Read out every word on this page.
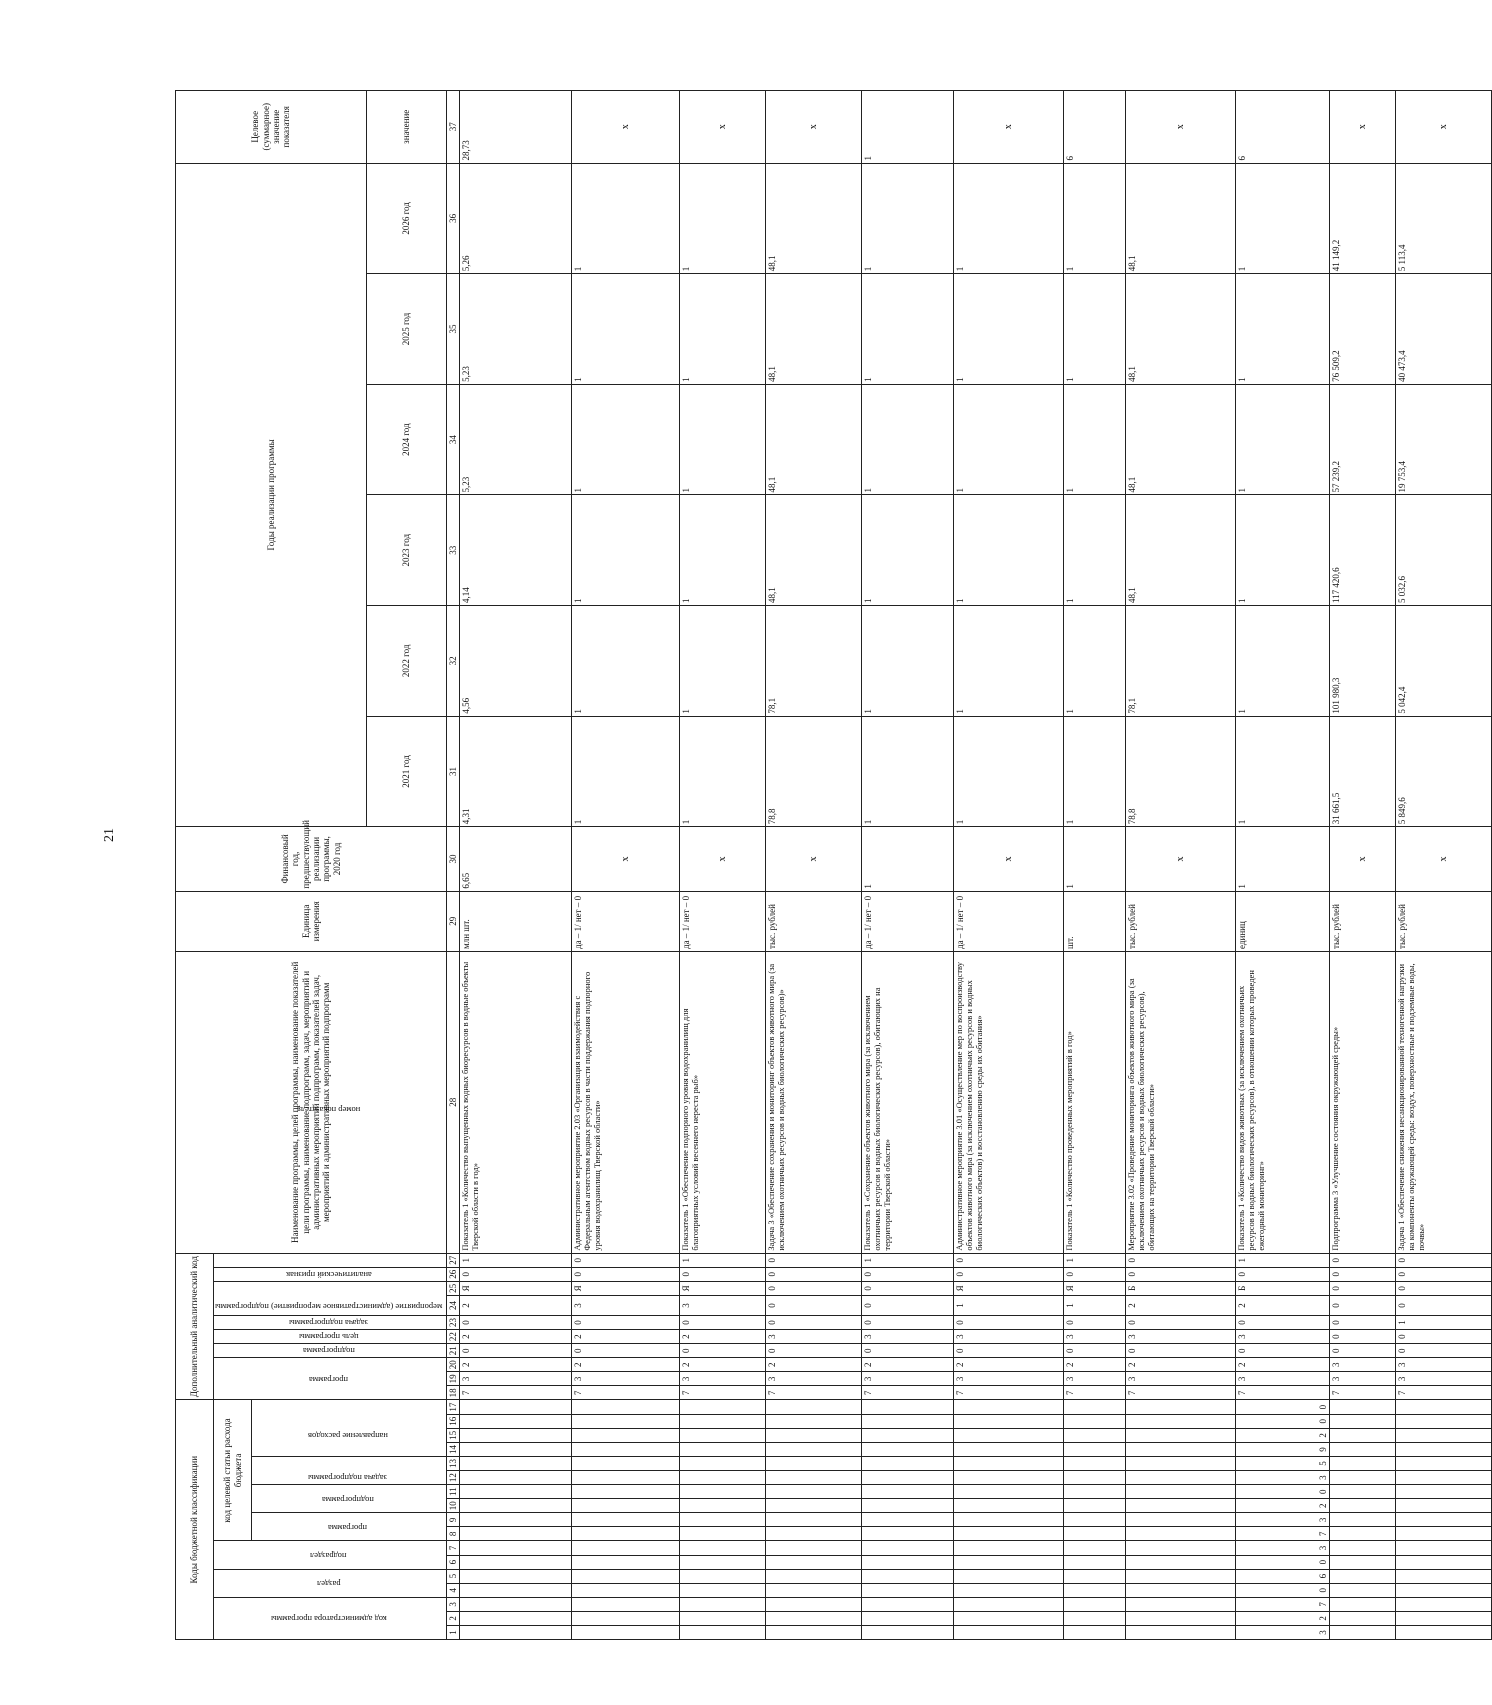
21
Коды бюджетной классификации																	Дополнительный аналитический код										Наименование программы, целей программы, наименование показателей цели программы, наименование подпрограмм, задач, мероприятий и административных мероприятий подпрограмм, показателей задач, мероприятий и административных мероприятий подпрограмм	Единица измерения	Финансовый год, предшествующий реализации программы, 2020 год	Годы реализации программы						Целевое (суммарное) значение показателя
код администратора программы			раздел		подраздел		код целевой статьи расхода бюджета										программа			подпрограмма	цель программы	задача подпрограммы	мероприятие (административное мероприятие) подпрограммы		аналитический признак	номер показателя										
							программа		подпрограмма		задача подпрограммы		направление расходов																							
																														2021 год	2022 год	2023 год	2024 год	2025 год	2026 год	значение
1	2	3	4	5	6	7	8	9	10	11	12	13	14	15	16	17	18	19	20	21	22	23	24	25	26	27	28	29	30	31	32	33	34	35	36	37
																	7	3	2	0	2	0	2	Я	0	1	Показатель 1 «Количество выпущенных водных биоресурсов в водные объекты Тверской области в год»	млн шт.	6,65	4,31	4,56	4,14	5,23	5,23	5,26	28,73
																	7	3	2	0	2	0	3	Я	0	0	Административное мероприятие 2.03 «Организация взаимодействия с Федеральным агентством водных ресурсов в части поддержания подпорного уровня водохранилищ Тверской области»	да – 1/ нет – 0	х	1	1	1	1	1	1	х
																	7	3	2	0	2	0	3	Я	0	1	Показатель 1 «Обеспечение подпорного уровня водохранилищ для благоприятных условий весеннего нереста рыб»	да – 1/ нет – 0	х	1	1	1	1	1	1	х
																	7	3	2	0	3	0	0	0	0	0	Задача 3 «Обеспечение сохранения и мониторинг объектов животного мира (за исключением охотничьих ресурсов и водных биологических ресурсов)»	тыс. рублей	х	78,8	78,1	48,1	48,1	48,1	48,1	х
																	7	3	2	0	3	0	0	0	0	1	Показатель 1 «Сохранение объектов животного мира (за исключением охотничьих ресурсов и водных биологических ресурсов), обитающих на территории Тверской области»	да – 1/ нет – 0	1	1	1	1	1	1	1	1
																	7	3	2	0	3	0	1	Я	0	0	Административное мероприятие 3.01 «Осуществление мер по воспроизводству объектов животного мира (за исключением охотничьих ресурсов и водных биологических объектов) и восстановлению среды их обитания»	да – 1/ нет – 0	х	1	1	1	1	1	1	х
																	7	3	2	0	3	0	1	Я	0	1	Показатель 1 «Количество проведенных мероприятий в год»	шт.	1	1	1	1	1	1	1	6
																	7	3	2	0	3	0	2	Б	0	0	Мероприятие 3.02 «Проведение мониторинга объектов животного мира (за исключением охотничьих ресурсов и водных биологических ресурсов), обитающих на территории Тверской области»	тыс. рублей	х	78,8	78,1	48,1	48,1	48,1	48,1	х
3	2	7	0	6	0	3	7	3	2	0	3	5	9	2	0	0	7	3	2	0	3	0	2	Б	0	1	Показатель 1 «Количество видов животных (за исключением охотничьих ресурсов и водных биологических ресурсов), в отношении которых проведен ежегодный мониторинг»	единиц	1	1	1	1	1	1	1	6
																	7	3	3	0	0	0	0	0	0	0	Подпрограмма 3 «Улучшение состояния окружающей среды»	тыс. рублей	х	31 661,5	101 980,3	117 420,6	57 239,2	76 509,2	41 149,2	х
																	7	3	3	0	0	1	0	0	0	0	Задача 1 «Обеспечение снижения несанкционированной техногенной нагрузки на компоненты окружающей среды: воздух, поверхностные и подземные воды, почвы»	тыс. рублей	х	5 849,6	5 042,4	5 032,6	19 753,4	40 473,4	5 113,4	х
